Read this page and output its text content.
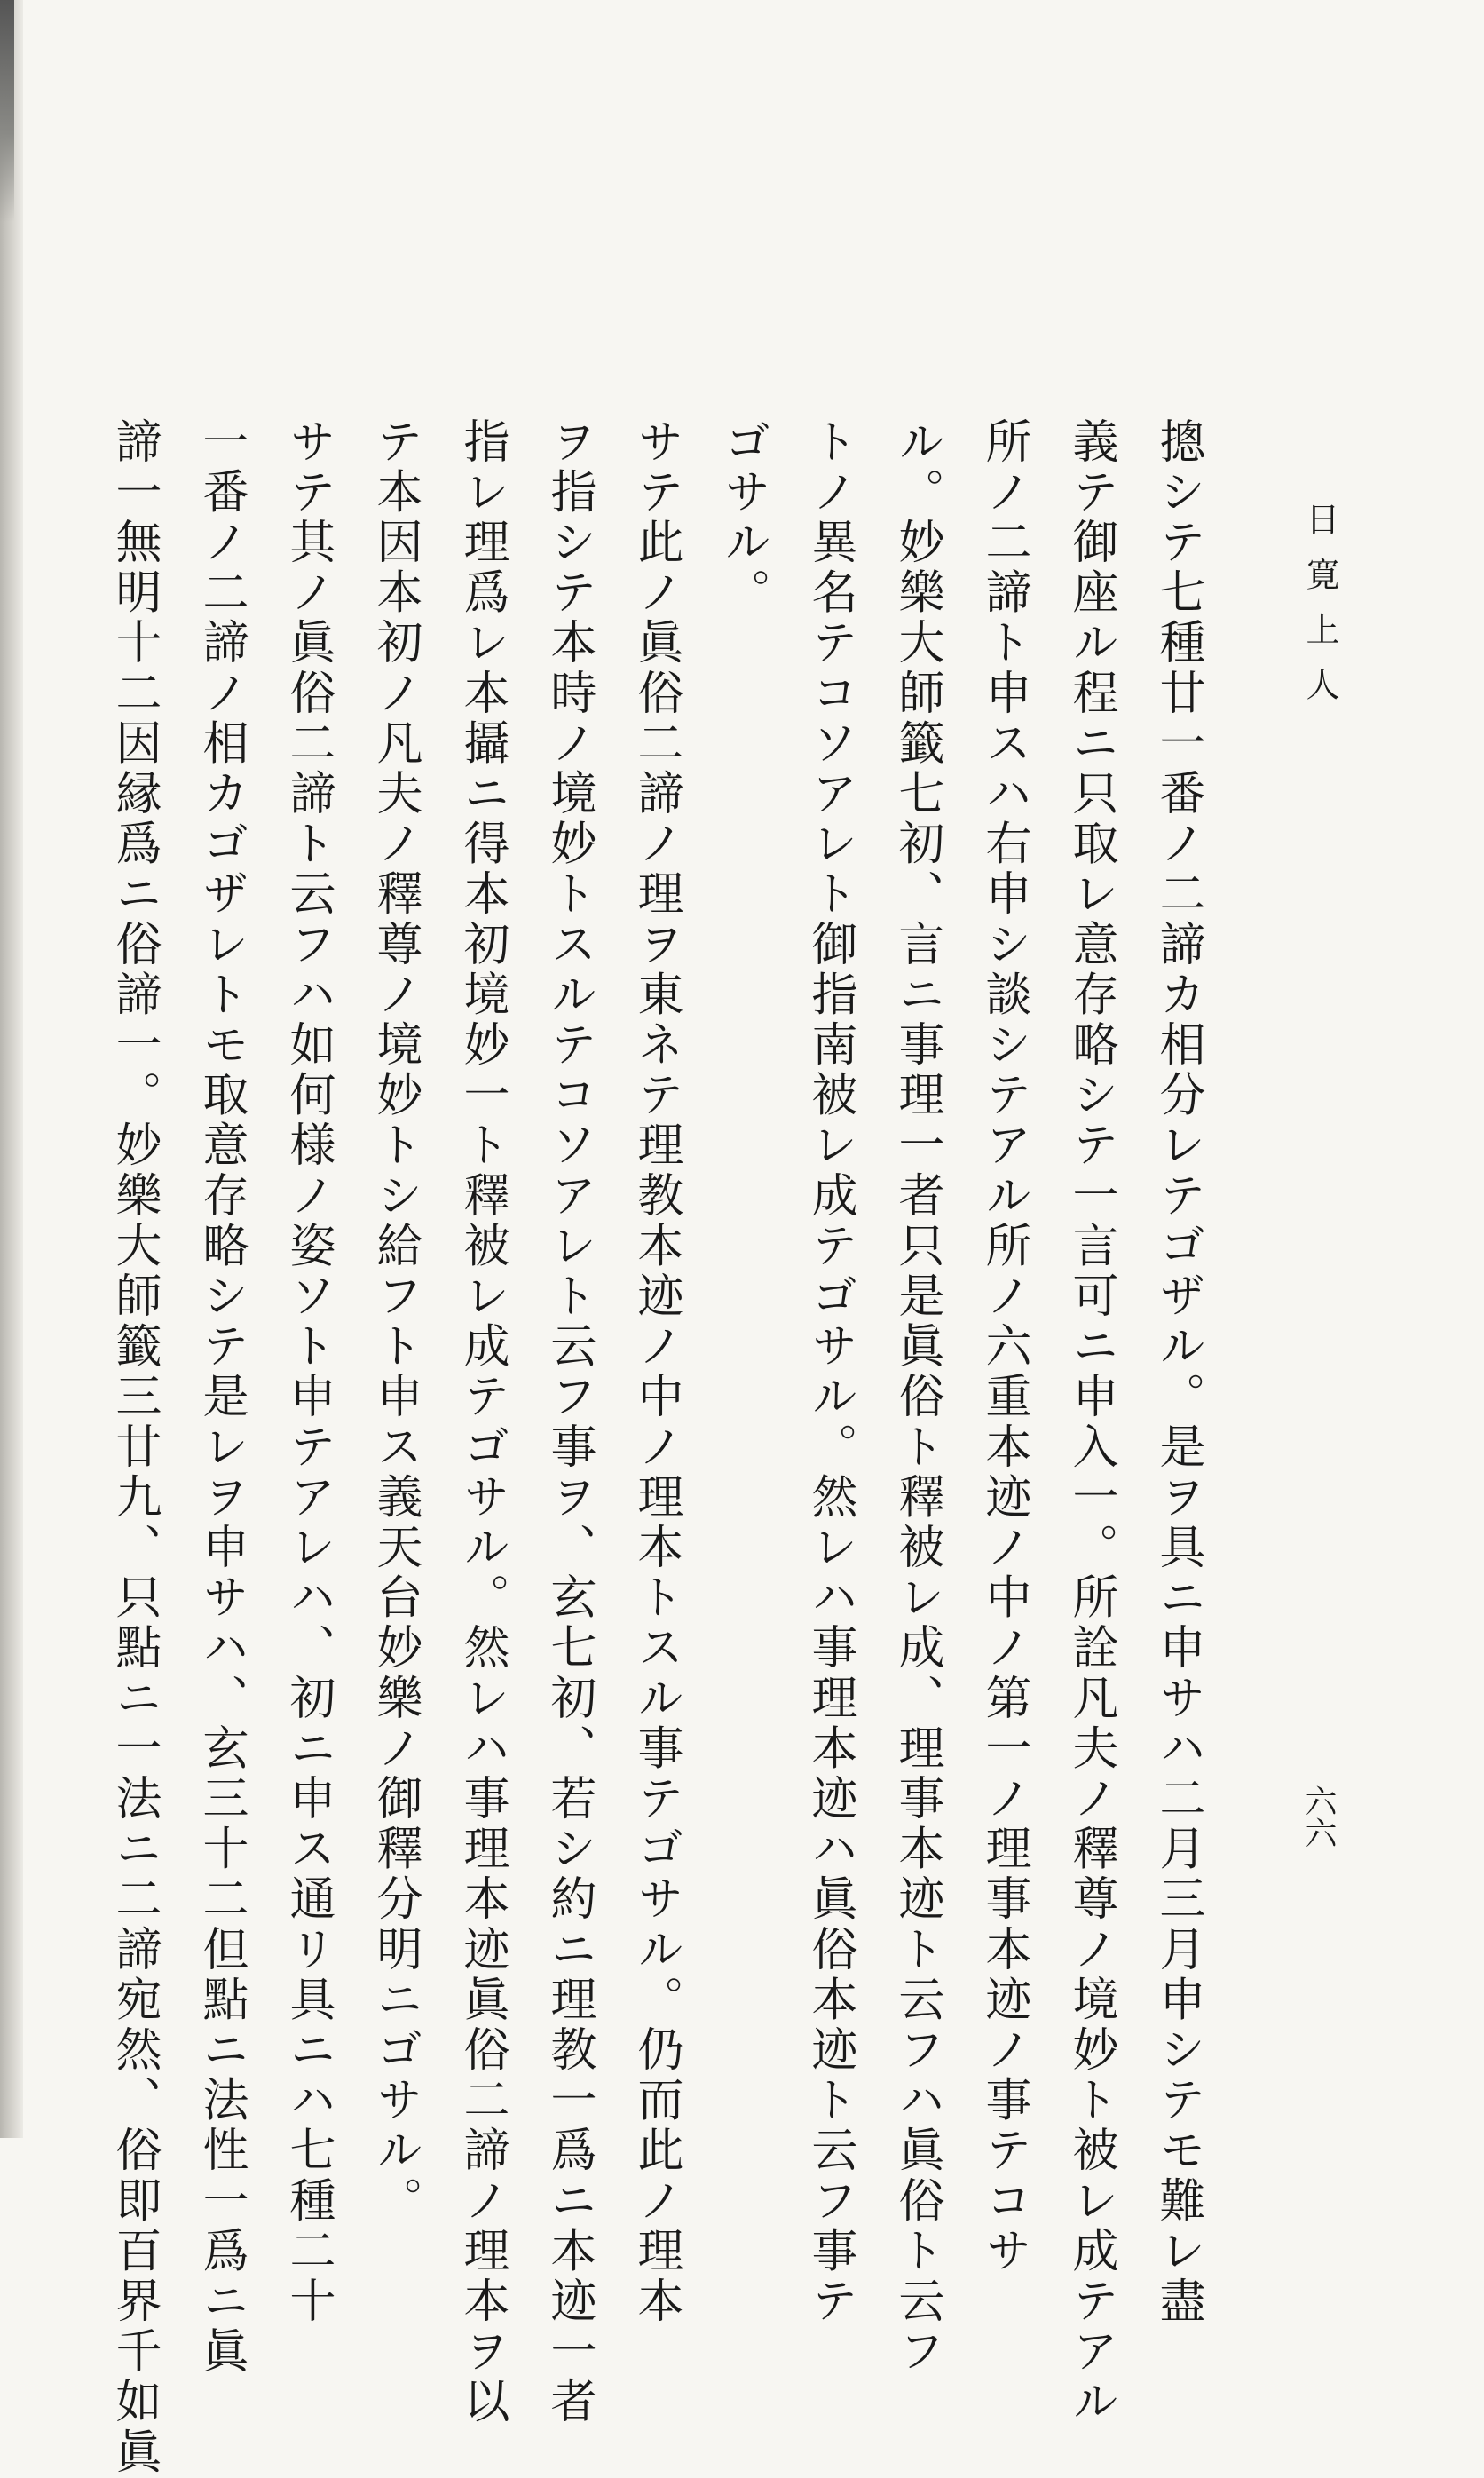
日寛上人
六六
摠シテ七種廿一番ノ二諦カ相分レテゴザル。是ヲ具ニ申サハ二月三月申シテモ難レ盡
義テ御座ル程ニ只取レ意存略シテ一言可ニ申入一。所詮凡夫ノ釋尊ノ境妙ト被レ成テアル
所ノ二諦ト申スハ右申シ談シテアル所ノ六重本迹ノ中ノ第一ノ理事本迹ノ事テコサ
ル。妙樂大師籤七初、言ニ事理一者只是眞俗ト釋被レ成、理事本迹ト云フハ眞俗ト云フ
トノ異名テコソアレト御指南被レ成テゴサル。然レハ事理本迹ハ眞俗本迹ト云フ事テ
ゴサル。
サテ此ノ眞俗二諦ノ理ヲ東ネテ理教本迹ノ中ノ理本トスル事テゴサル。仍而此ノ理本
ヲ指シテ本時ノ境妙トスルテコソアレト云フ事ヲ、玄七初、若シ約ニ理教一爲ニ本迹一者
指レ理爲レ本攝ニ得本初境妙一ト釋被レ成テゴサル。然レハ事理本迹眞俗二諦ノ理本ヲ以
テ本因本初ノ凡夫ノ釋尊ノ境妙トシ給フト申ス義天台妙樂ノ御釋分明ニゴサル。
サテ其ノ眞俗二諦ト云フハ如何様ノ姿ソト申テアレハ、初ニ申ス通リ具ニハ七種二十
一番ノ二諦ノ相カゴザレトモ取意存略シテ是レヲ申サハ、玄三十二但點ニ法性一爲ニ眞
諦一無明十二因縁爲ニ俗諦一。妙樂大師籤三廿九、只點ニ一法ニ二諦宛然、俗即百界千如眞
